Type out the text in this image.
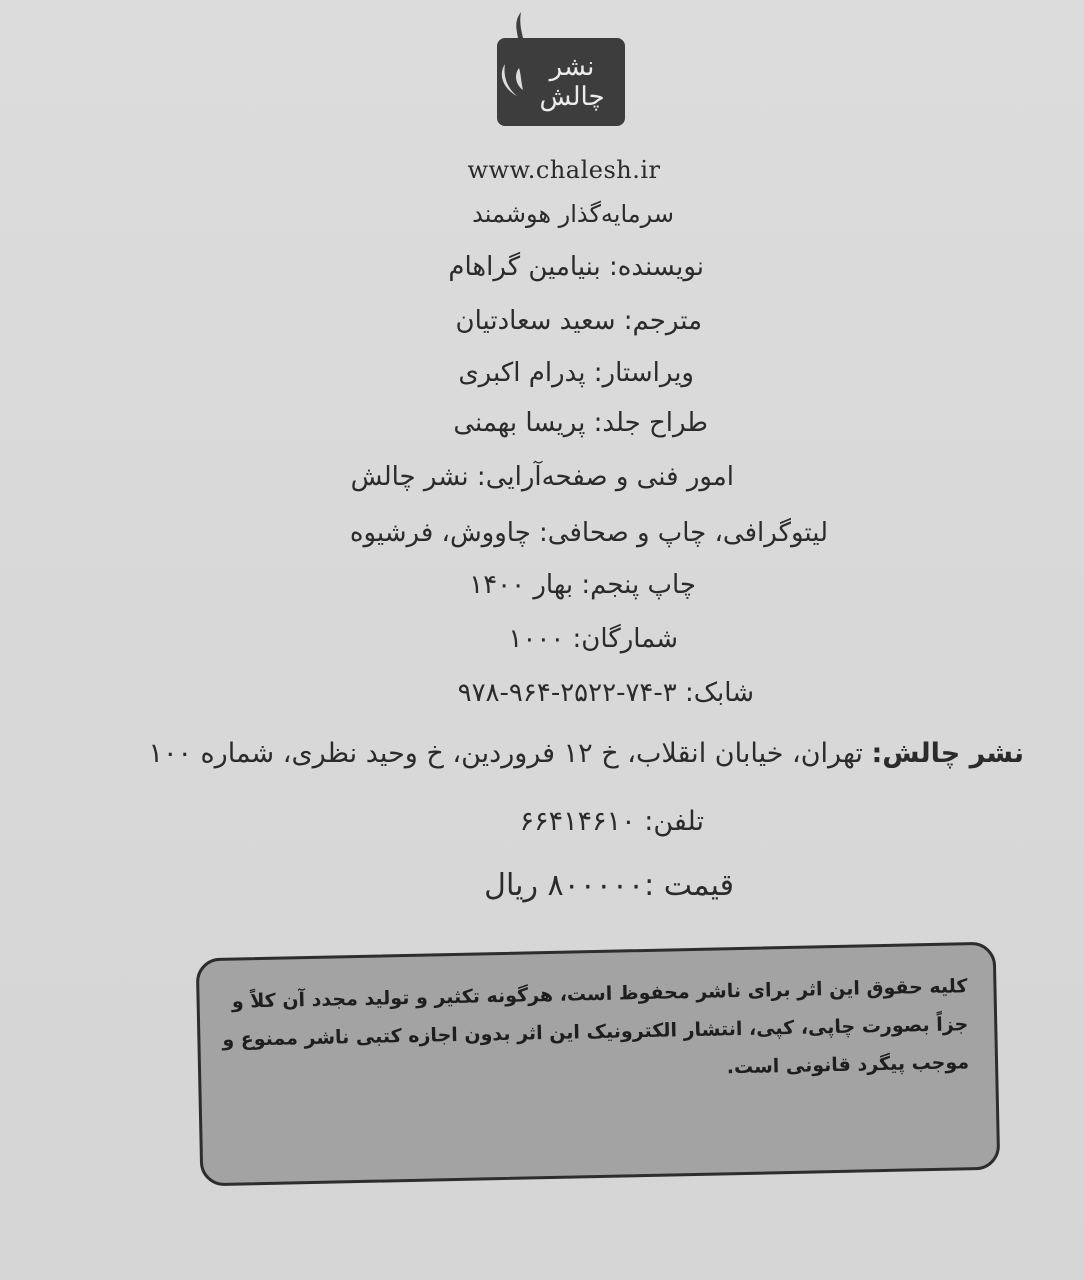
نشر چالش
www.chalesh.ir
سرمایه‌گذار هوشمند
نویسنده: بنیامین گراهام
مترجم: سعید سعادتیان
ویراستار: پدرام اکبری
طراح جلد: پریسا بهمنی
امور فنی و صفحه‌آرایی: نشر چالش
لیتوگرافی، چاپ و صحافی: چاووش، فرشیوه
چاپ پنجم: بهار ۱۴۰۰
شمارگان: ۱۰۰۰
شابک: ۳-۷۴-۲۵۲۲-۹۶۴-۹۷۸
نشر چالش: تهران، خیابان انقلاب، خ ۱۲ فروردین، خ وحید نظری، شماره ۱۰۰
تلفن: ۶۶۴۱۴۶۱۰
قیمت :۸۰۰۰۰۰ ریال
کلیه حقوق این اثر برای ناشر محفوظ است، هرگونه تکثیر و تولید مجدد آن کلاً و جزاً بصورت چاپی، کپی، انتشار الکترونیک این اثر بدون اجازه کتبی ناشر ممنوع و موجب پیگرد قانونی است.
